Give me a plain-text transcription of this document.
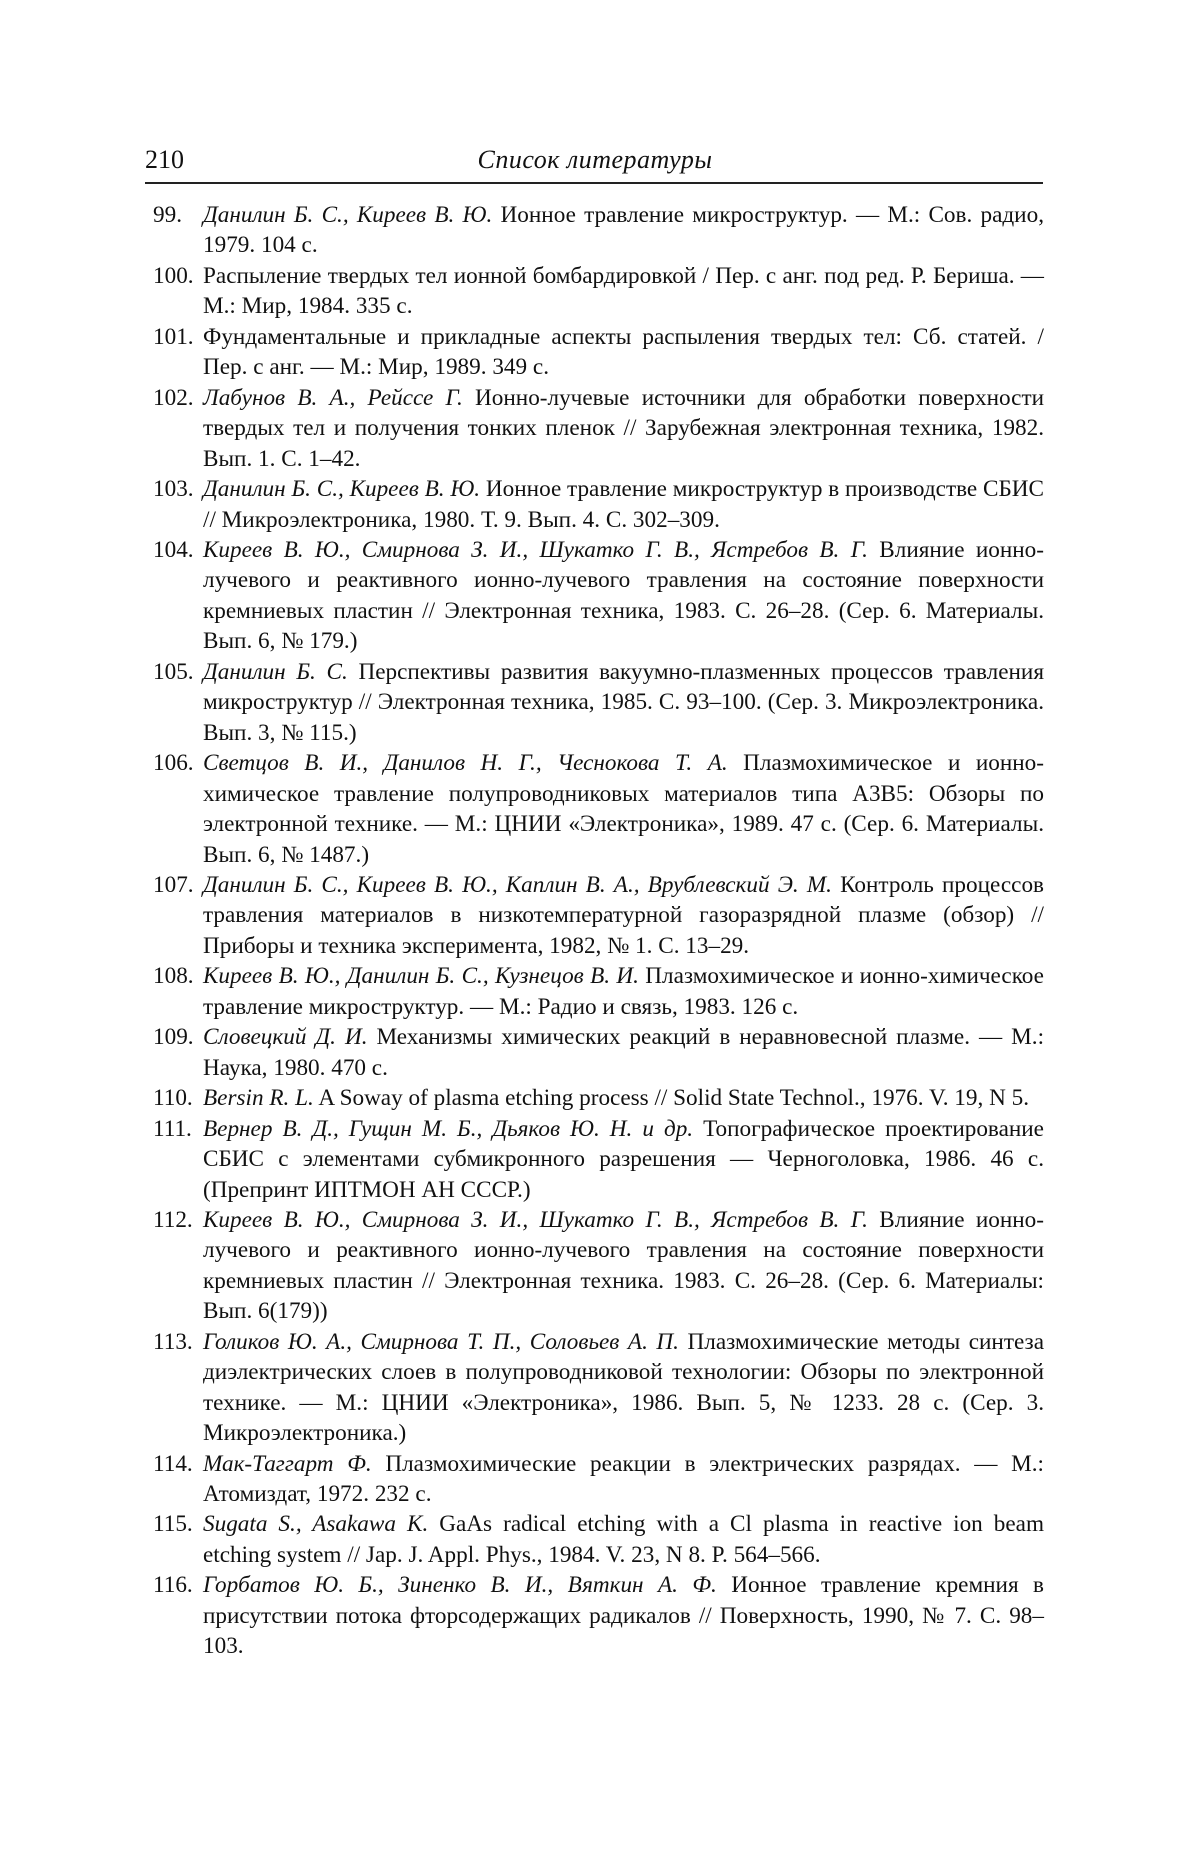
210	Список литературы
99. Данилин Б. С., Киреев В. Ю. Ионное травление микроструктур. — М.: Сов. радио, 1979. 104 с.
100. Распыление твердых тел ионной бомбардировкой / Пер. с анг. под ред. Р. Бериша. — М.: Мир, 1984. 335 с.
101. Фундаментальные и прикладные аспекты распыления твердых тел: Сб. статей. / Пер. с анг. — М.: Мир, 1989. 349 с.
102. Лабунов В. А., Рейссе Г. Ионно-лучевые источники для обработки поверхности твердых тел и получения тонких пленок // Зарубежная электронная техника, 1982. Вып. 1. С. 1–42.
103. Данилин Б. С., Киреев В. Ю. Ионное травление микроструктур в производстве СБИС // Микроэлектроника, 1980. Т. 9. Вып. 4. С. 302–309.
104. Киреев В. Ю., Смирнова З. И., Шукатко Г. В., Ястребов В. Г. Влияние ионно-лучевого и реактивного ионно-лучевого травления на состояние поверхности кремниевых пластин // Электронная техника, 1983. С. 26–28. (Сер. 6. Материалы. Вып. 6, № 179.)
105. Данилин Б. С. Перспективы развития вакуумно-плазменных процессов травления микроструктур // Электронная техника, 1985. С. 93–100. (Сер. 3. Микроэлектроника. Вып. 3, № 115.)
106. Светцов В. И., Данилов Н. Г., Чеснокова Т. А. Плазмохимическое и ионно-химическое травление полупроводниковых материалов типа A3B5: Обзоры по электронной технике. — М.: ЦНИИ «Электроника», 1989. 47 с. (Сер. 6. Материалы. Вып. 6, № 1487.)
107. Данилин Б. С., Киреев В. Ю., Каплин В. А., Врублевский Э. М. Контроль процессов травления материалов в низкотемпературной газоразрядной плазме (обзор) // Приборы и техника эксперимента, 1982, № 1. С. 13–29.
108. Киреев В. Ю., Данилин Б. С., Кузнецов В. И. Плазмохимическое и ионно-химическое травление микроструктур. — М.: Радио и связь, 1983. 126 с.
109. Словецкий Д. И. Механизмы химических реакций в неравновесной плазме. — М.: Наука, 1980. 470 с.
110. Bersin R. L. A Soway of plasma etching process // Solid State Technol., 1976. V. 19, N 5.
111. Вернер В. Д., Гущин М. Б., Дьяков Ю. Н. и др. Топографическое проектирование СБИС с элементами субмикронного разрешения — Черноголовка, 1986. 46 с. (Препринт ИПТМОН АН СССР.)
112. Киреев В. Ю., Смирнова З. И., Шукатко Г. В., Ястребов В. Г. Влияние ионно-лучевого и реактивного ионно-лучевого травления на состояние поверхности кремниевых пластин // Электронная техника. 1983. С. 26–28. (Сер. 6. Материалы: Вып. 6(179))
113. Голиков Ю. А., Смирнова Т. П., Соловьев А. П. Плазмохимические методы синтеза диэлектрических слоев в полупроводниковой технологии: Обзоры по электронной технике. — М.: ЦНИИ «Электроника», 1986. Вып. 5, № 1233. 28 с. (Сер. 3. Микроэлектроника.)
114. Мак-Таггарт Ф. Плазмохимические реакции в электрических разрядах. — М.: Атомиздат, 1972. 232 с.
115. Sugata S., Asakawa K. GaAs radical etching with a Cl plasma in reactive ion beam etching system // Jap. J. Appl. Phys., 1984. V. 23, N 8. P. 564–566.
116. Горбатов Ю. Б., Зиненко В. И., Вяткин А. Ф. Ионное травление кремния в присутствии потока фторсодержащих радикалов // Поверхность, 1990, № 7. С. 98–103.
